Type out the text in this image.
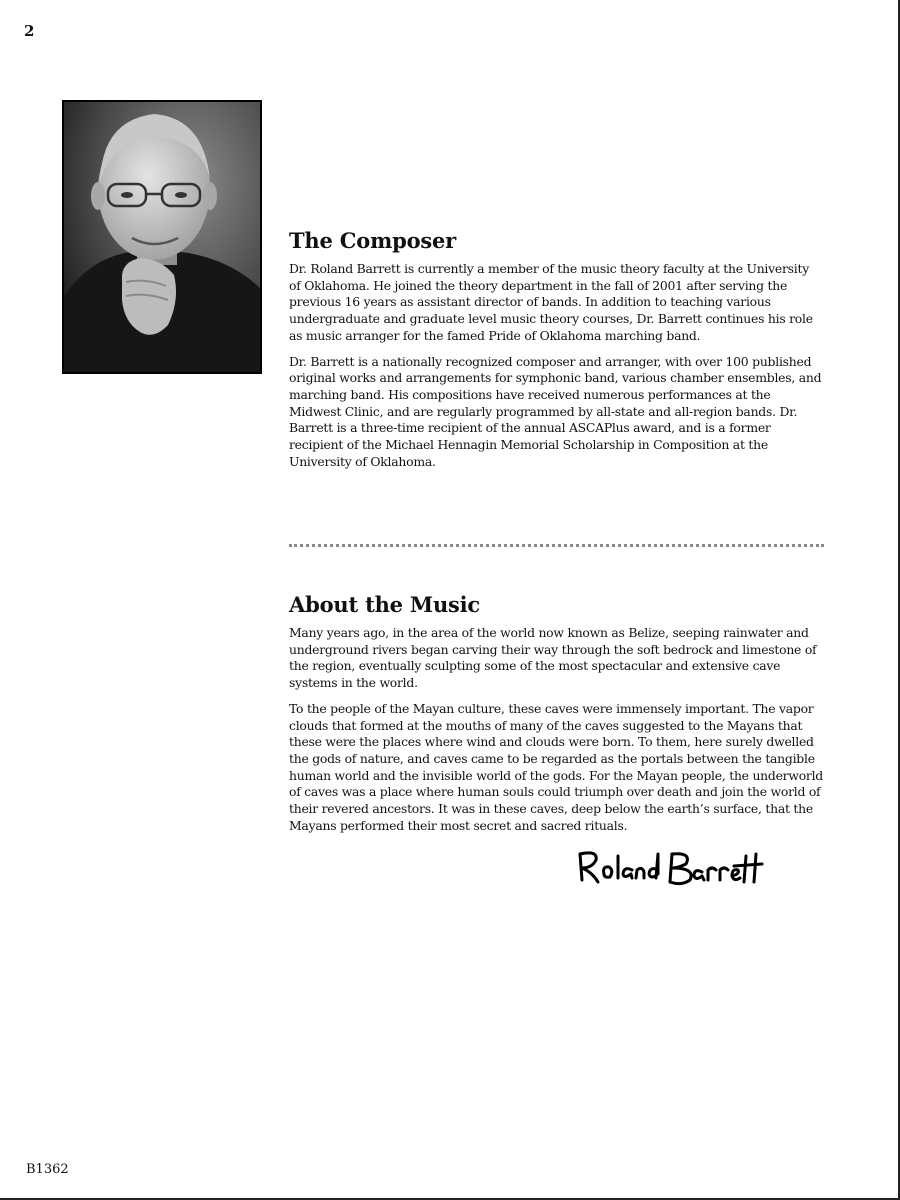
2
The Composer

Dr. Roland Barrett is currently a member of the music theory faculty at the University of Oklahoma. He joined the theory department in the fall of 2001 after serving the previous 16 years as assistant director of bands. In addition to teaching various undergraduate and graduate level music theory courses, Dr. Barrett continues his role as music arranger for the famed Pride of Oklahoma marching band.

Dr. Barrett is a nationally recognized composer and arranger, with over 100 published original works and arrangements for symphonic band, various chamber ensembles, and marching band. His compositions have received numerous performances at the Midwest Clinic, and are regularly programmed by all-state and all-region bands. Dr. Barrett is a three-time recipient of the annual ASCAPlus award, and is a former recipient of the Michael Hennagin Memorial Scholarship in Composition at the University of Oklahoma.

About the Music

Many years ago, in the area of the world now known as Belize, seeping rainwater and underground rivers began carving their way through the soft bedrock and limestone of the region, eventually sculpting some of the most spectacular and extensive cave systems in the world.

To the people of the Mayan culture, these caves were immensely important. The vapor clouds that formed at the mouths of many of the caves suggested to the Mayans that these were the places where wind and clouds were born. To them, here surely dwelled the gods of nature, and caves came to be regarded as the portals between the tangible human world and the invisible world of the gods. For the Mayan people, the underworld of caves was a place where human souls could triumph over death and join the world of their revered ancestors. It was in these caves, deep below the earth’s surface, that the Mayans performed their most secret and sacred rituals.

B1362
